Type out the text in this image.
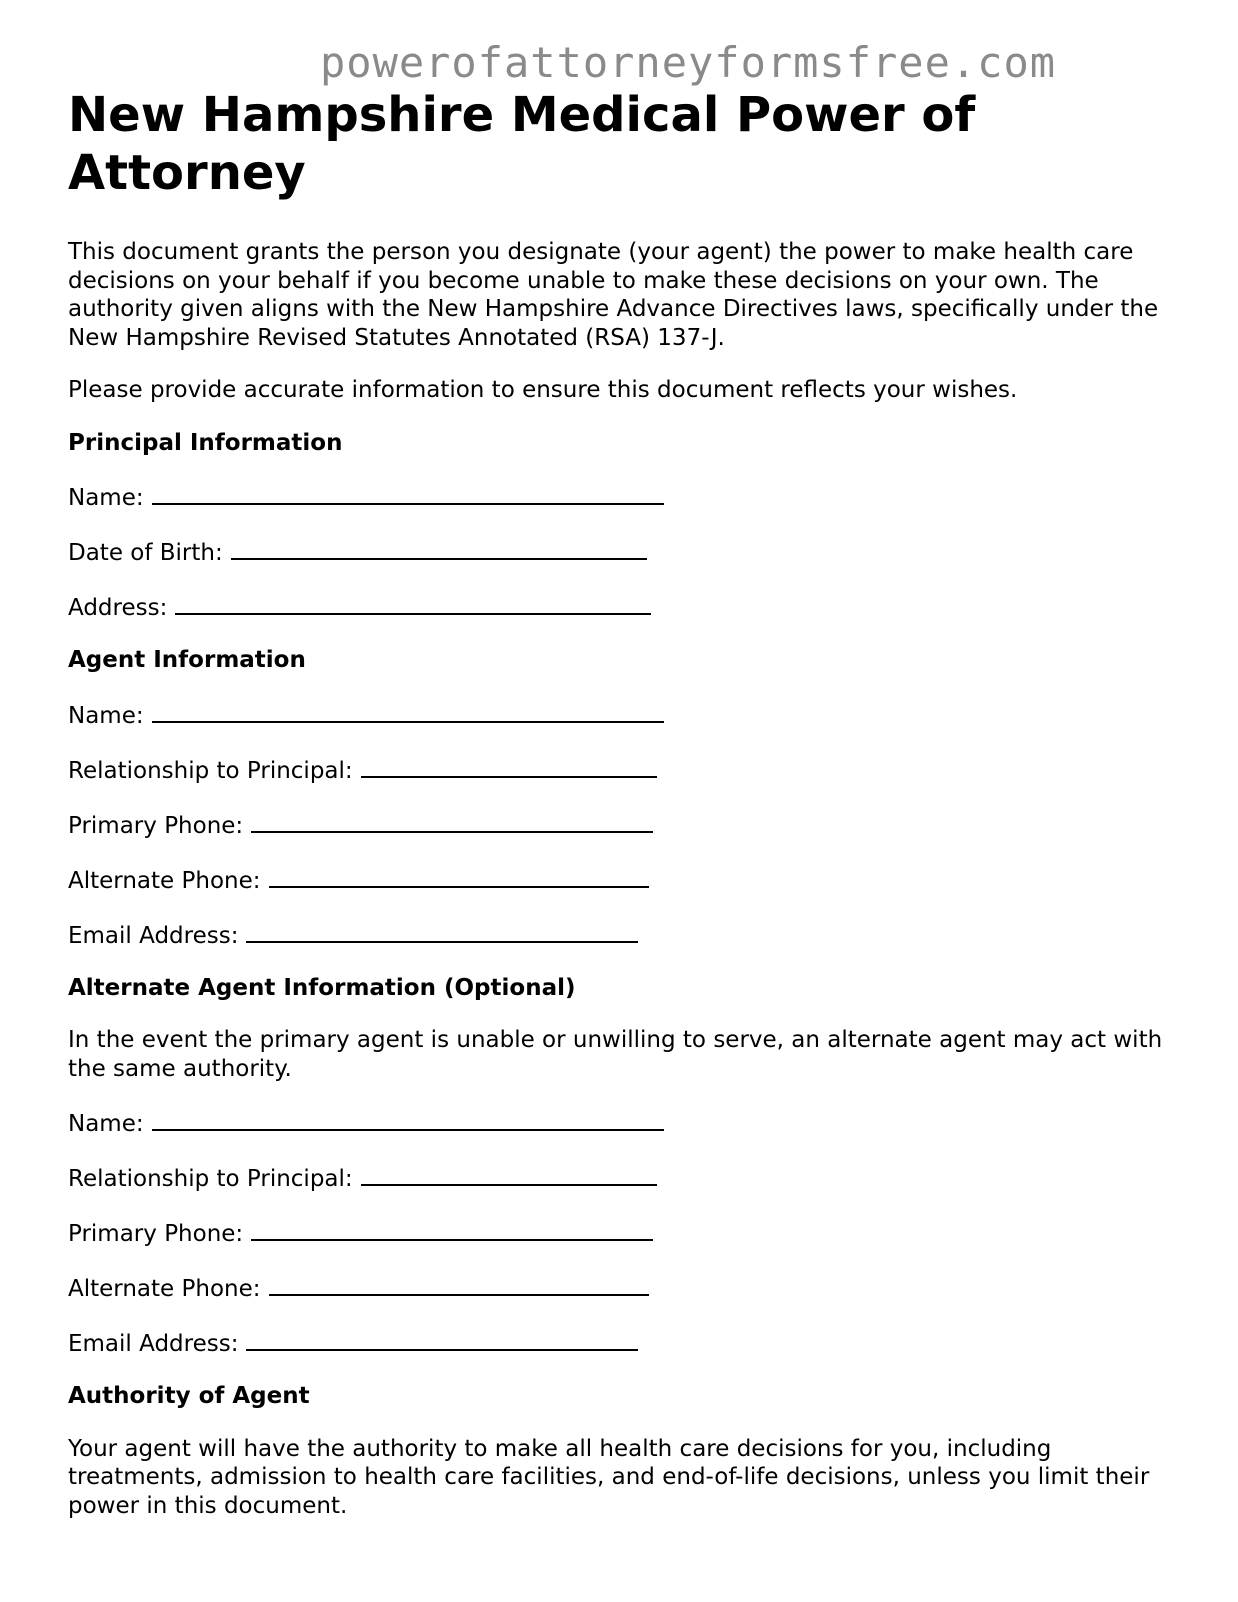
powerofattorneyformsfree.com
New Hampshire Medical Power of Attorney

This document grants the person you designate (your agent) the power to make health care decisions on your behalf if you become unable to make these decisions on your own. The authority given aligns with the New Hampshire Advance Directives laws, specifically under the New Hampshire Revised Statutes Annotated (RSA) 137-J.

Please provide accurate information to ensure this document reflects your wishes.

Principal Information
Name:
Date of Birth:
Address:
Agent Information
Name:
Relationship to Principal:
Primary Phone:
Alternate Phone:
Email Address:
Alternate Agent Information (Optional)

In the event the primary agent is unable or unwilling to serve, an alternate agent may act with the same authority.

Name:
Relationship to Principal:
Primary Phone:
Alternate Phone:
Email Address:
Authority of Agent

Your agent will have the authority to make all health care decisions for you, including treatments, admission to health care facilities, and end-of-life decisions, unless you limit their power in this document.
